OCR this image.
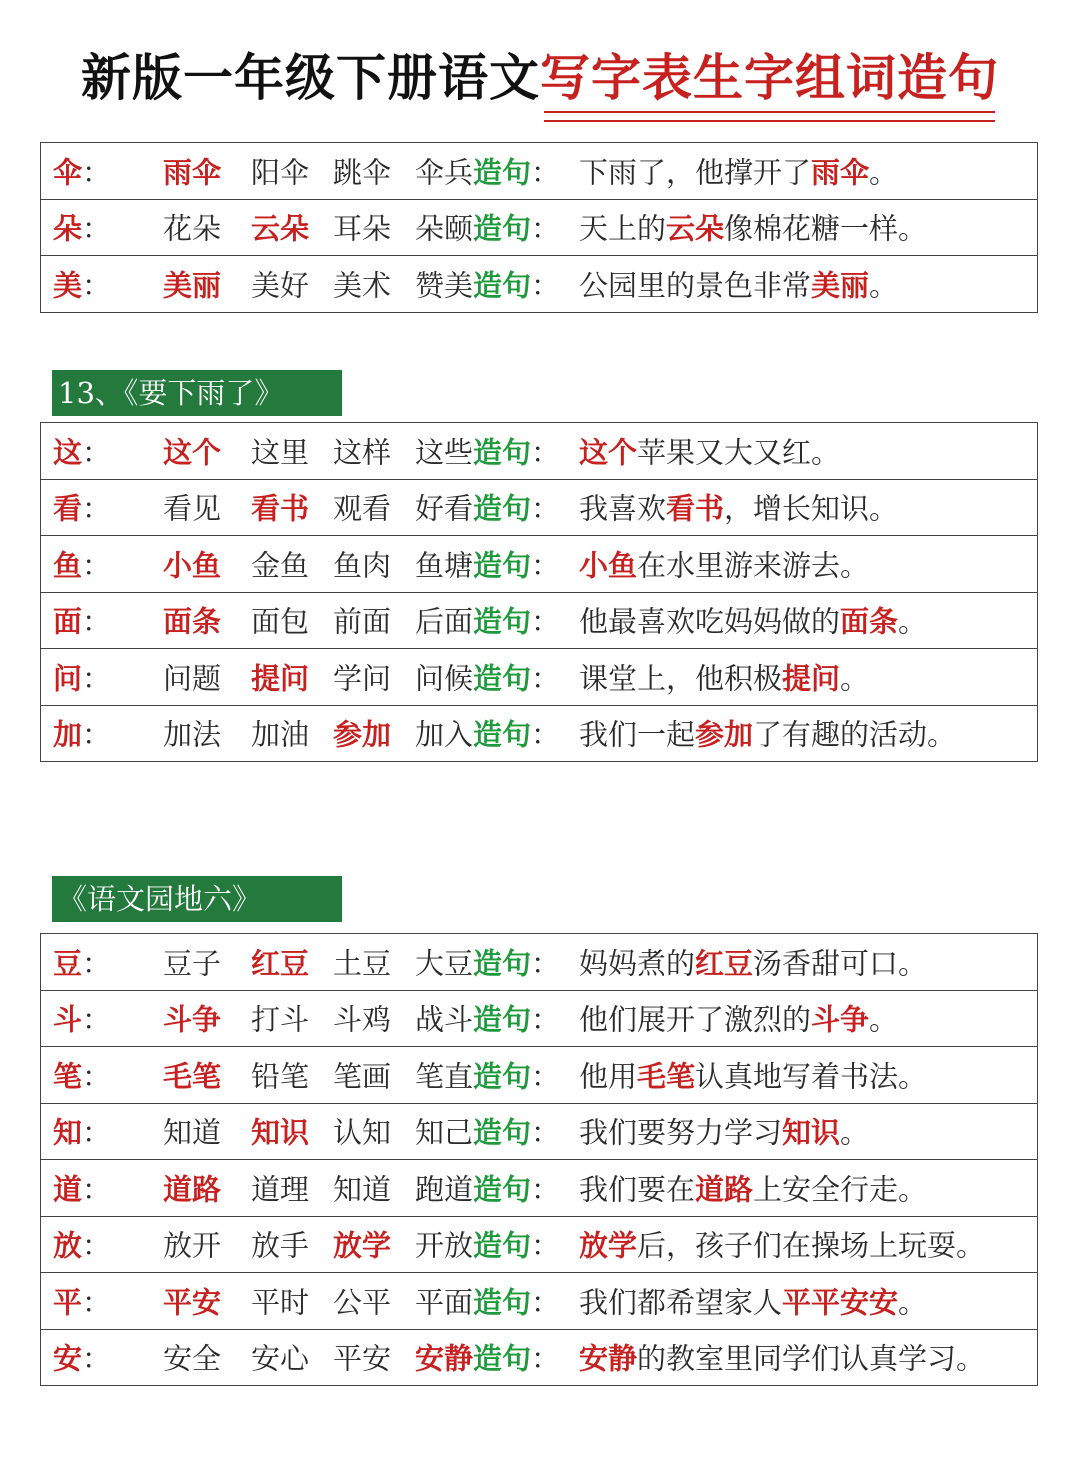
新版一年级下册语文写字表生字组词造句
伞： 雨伞 阳伞 跳伞 伞兵 造句： 下雨了，他撑开了雨伞。
朵： 花朵 云朵 耳朵 朵颐 造句： 天上的云朵像棉花糖一样。
美： 美丽 美好 美术 赞美 造句： 公园里的景色非常美丽。
13、《要下雨了》
这： 这个 这里 这样 这些 造句： 这个苹果又大又红。
看： 看见 看书 观看 好看 造句： 我喜欢看书，增长知识。
鱼： 小鱼 金鱼 鱼肉 鱼塘 造句： 小鱼在水里游来游去。
面： 面条 面包 前面 后面 造句： 他最喜欢吃妈妈做的面条。
问： 问题 提问 学问 问候 造句： 课堂上，他积极提问。
加： 加法 加油 参加 加入 造句： 我们一起参加了有趣的活动。
《语文园地六》
豆： 豆子 红豆 土豆 大豆 造句： 妈妈煮的红豆汤香甜可口。
斗： 斗争 打斗 斗鸡 战斗 造句： 他们展开了激烈的斗争。
笔： 毛笔 铅笔 笔画 笔直 造句： 他用毛笔认真地写着书法。
知： 知道 知识 认知 知己 造句： 我们要努力学习知识。
道： 道路 道理 知道 跑道 造句： 我们要在道路上安全行走。
放： 放开 放手 放学 开放 造句： 放学后，孩子们在操场上玩耍。
平： 平安 平时 公平 平面 造句： 我们都希望家人平平安安。
安： 安全 安心 平安 安静 造句： 安静的教室里同学们认真学习。
